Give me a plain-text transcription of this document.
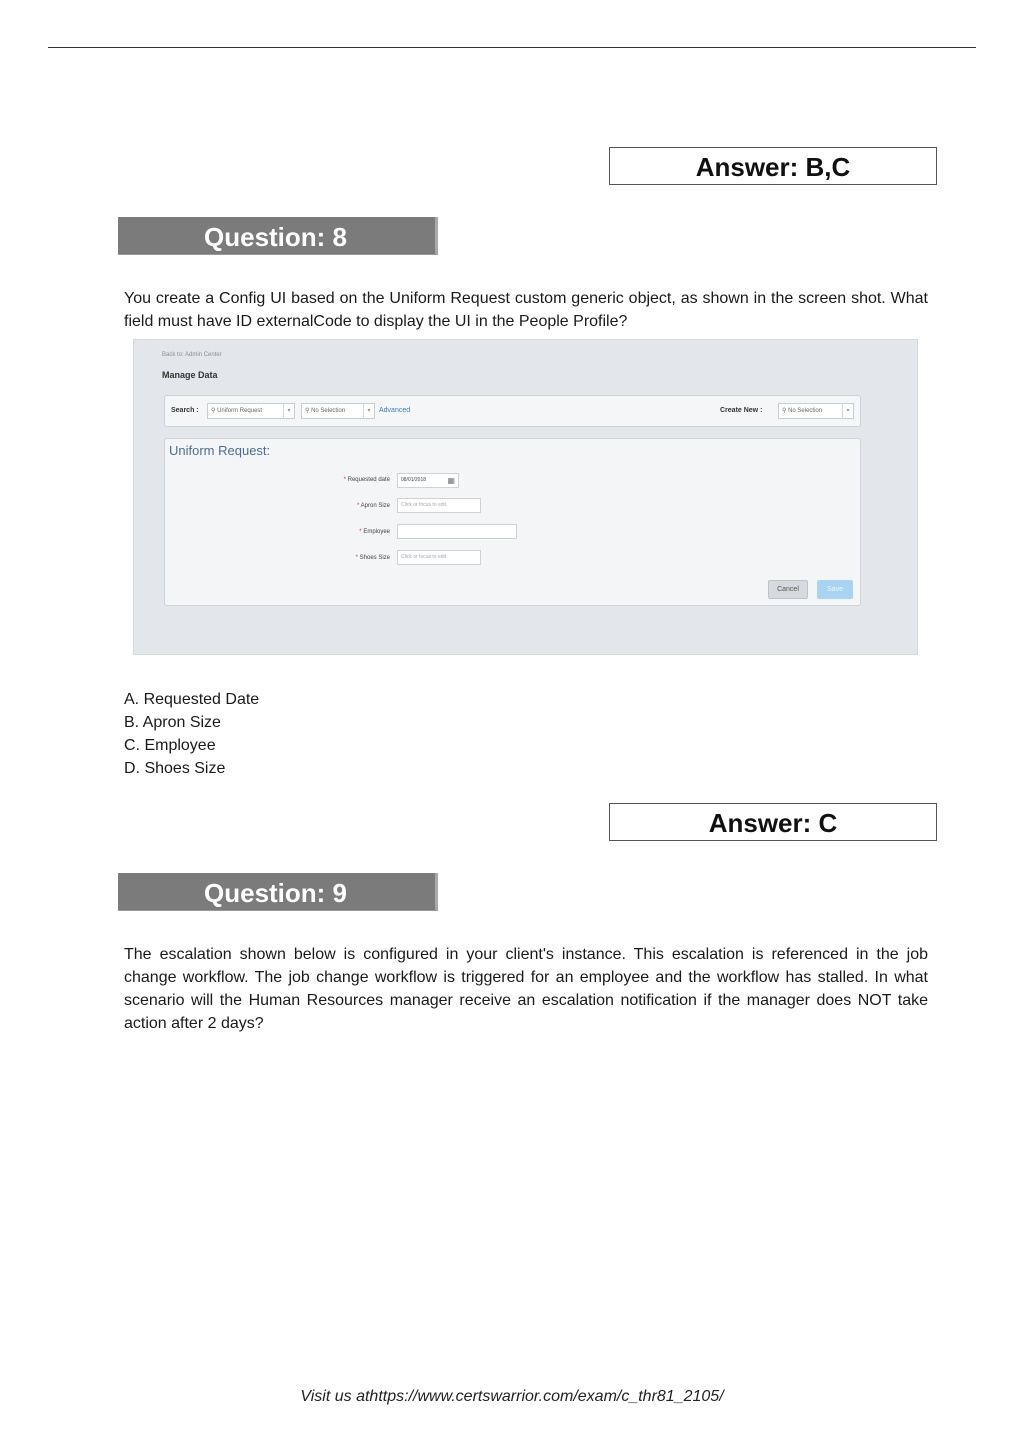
Answer: B,C
Question: 8
You create a Config UI based on the Uniform Request custom generic object, as shown in the screen shot. What field must have ID externalCode to display the UI in the People Profile?
Back to: Admin Center
Manage Data
Search :	⚲ Uniform Request	▾	⚲ No Selection	▾	Advanced	Create New :	⚲ No Selection	▾
Uniform Request:
* Requested date	08/01/2018	▦
* Apron Size	Click or focus to edit
* Employee
* Shoes Size	Click or focus to edit
Cancel	Save
A. Requested Date
B. Apron Size
C. Employee
D. Shoes Size
Answer: C
Question: 9
The escalation shown below is configured in your client's instance. This escalation is referenced in the job change workflow. The job change workflow is triggered for an employee and the workflow has stalled. In what scenario will the Human Resources manager receive an escalation notification if the manager does NOT take action after 2 days?
Visit us athttps://www.certswarrior.com/exam/c_thr81_2105/
